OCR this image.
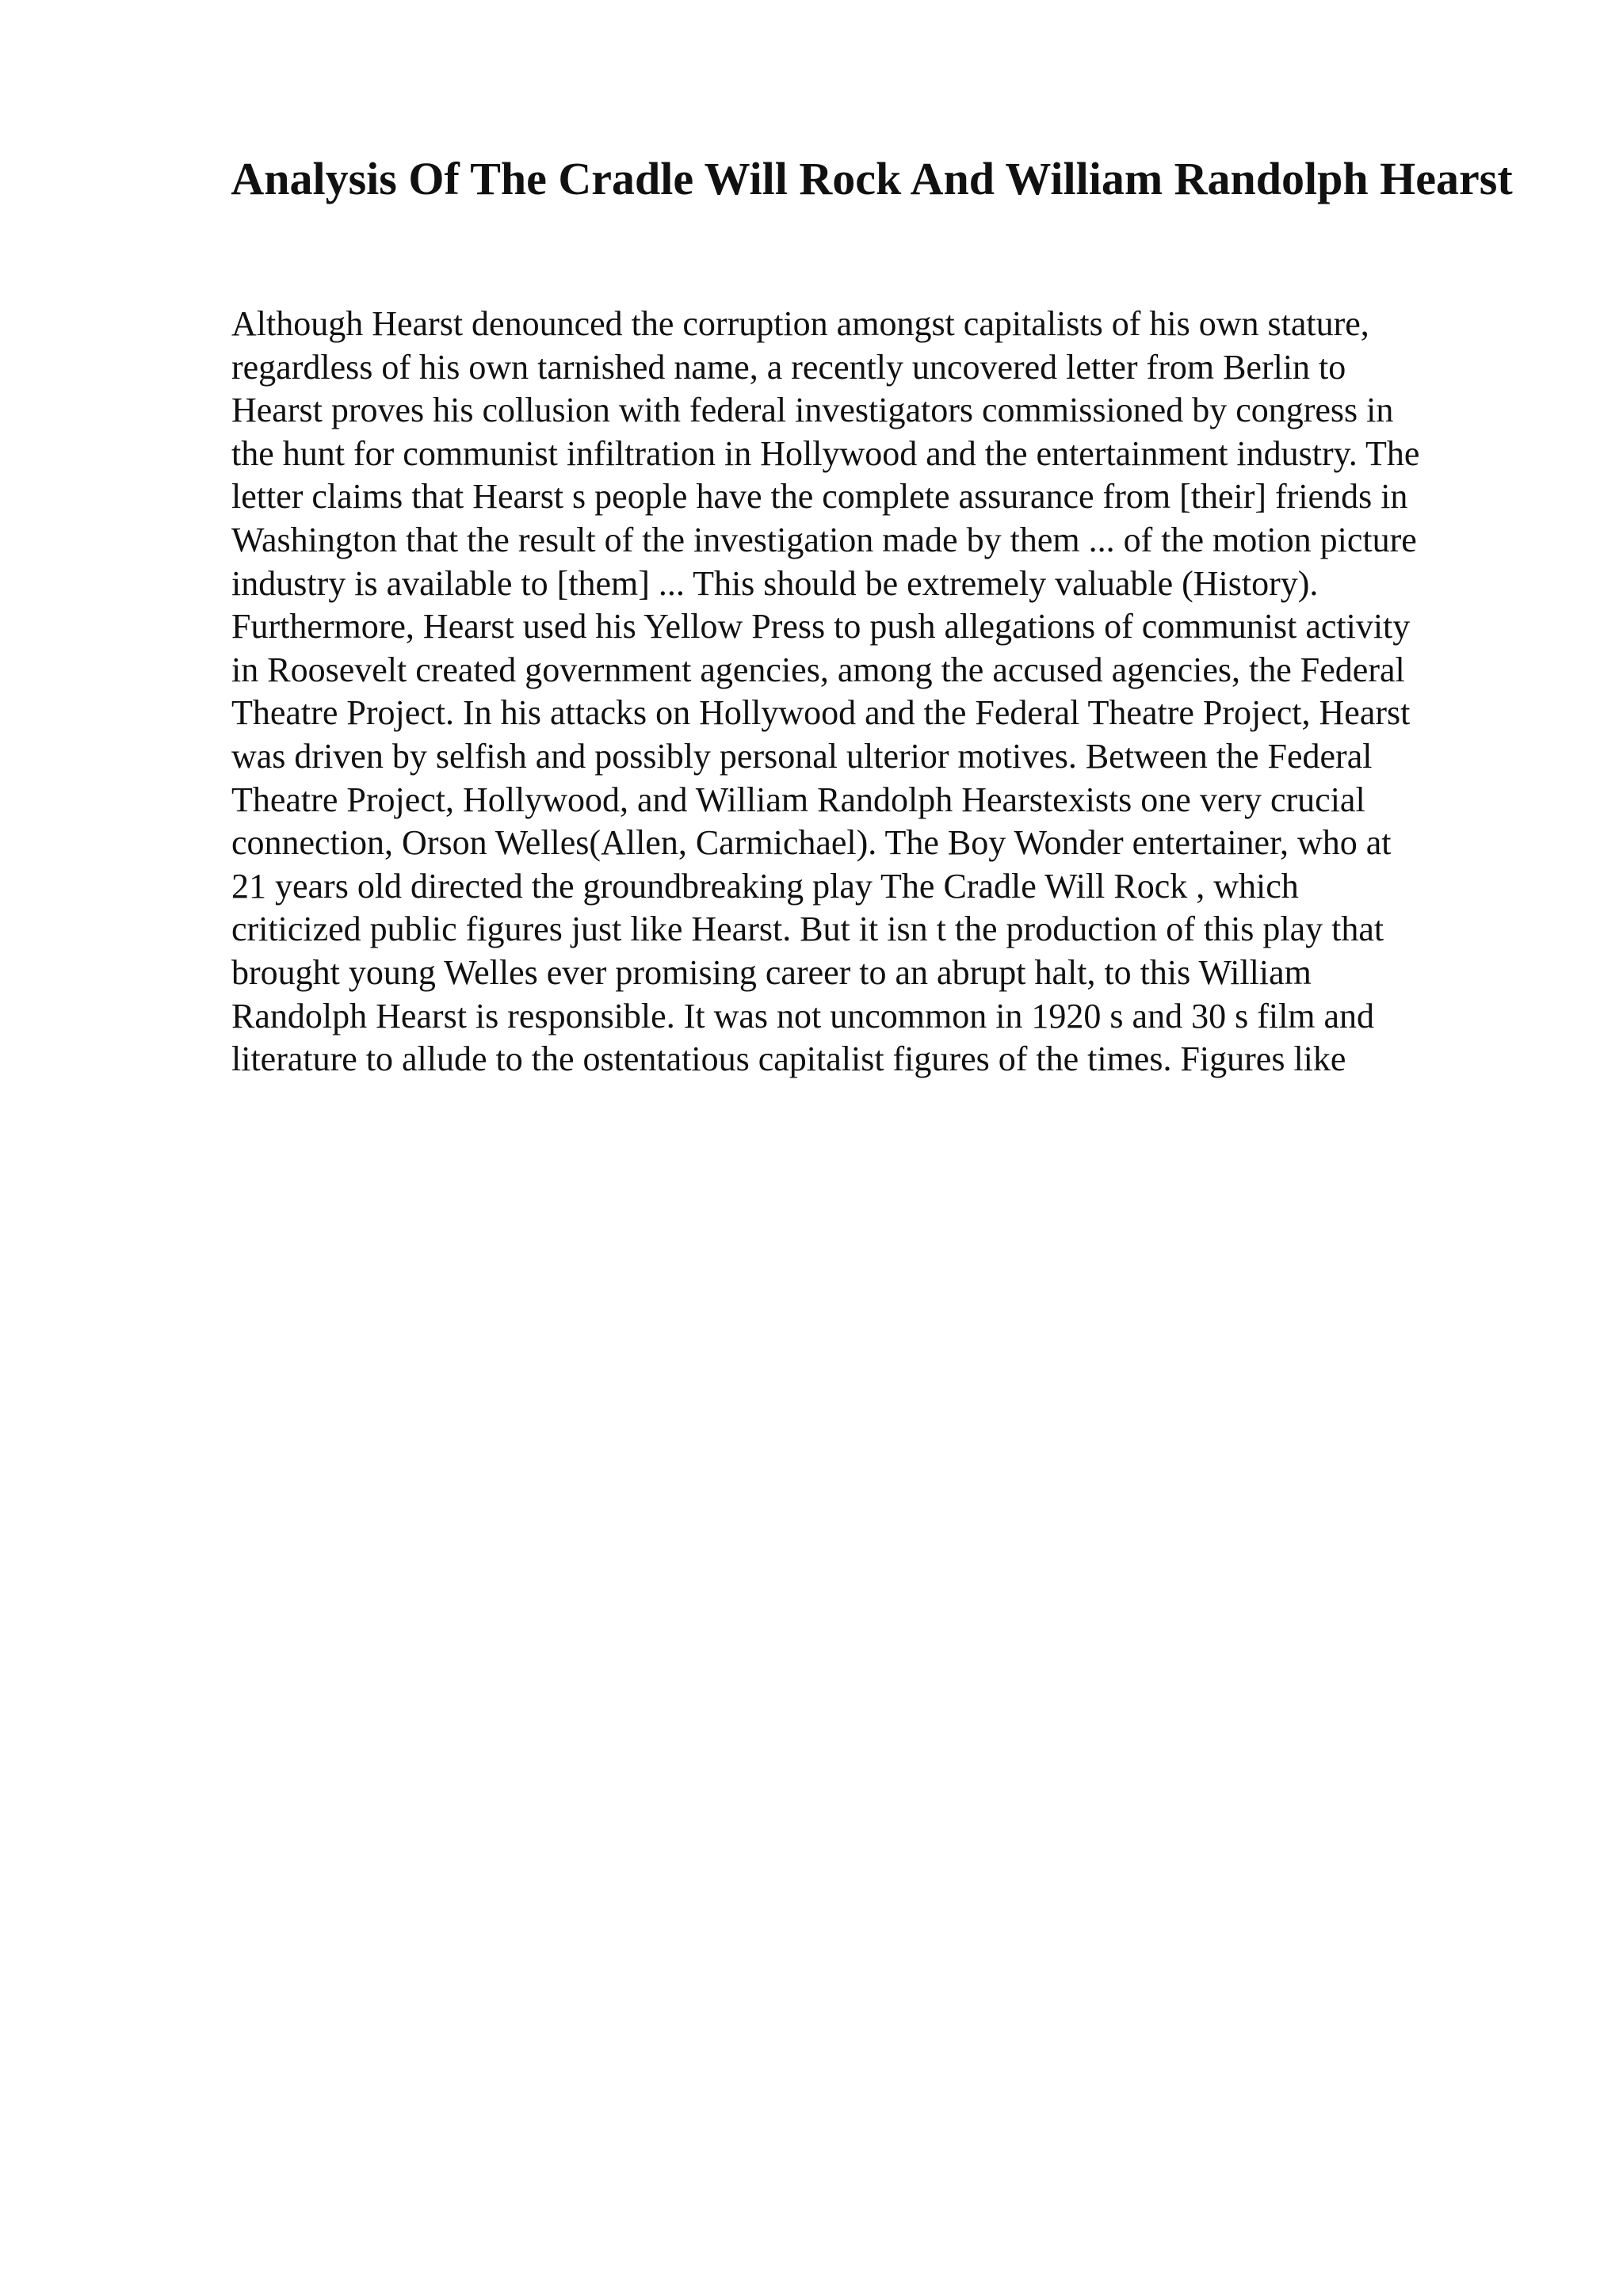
Analysis Of The Cradle Will Rock And William Randolph Hearst
Although Hearst denounced the corruption amongst capitalists of his own stature,
regardless of his own tarnished name, a recently uncovered letter from Berlin to
Hearst proves his collusion with federal investigators commissioned by congress in
the hunt for communist infiltration in Hollywood and the entertainment industry. The
letter claims that Hearst s people have the complete assurance from [their] friends in
Washington that the result of the investigation made by them ... of the motion picture
industry is available to [them] ... This should be extremely valuable (History).
Furthermore, Hearst used his Yellow Press to push allegations of communist activity
in Roosevelt created government agencies, among the accused agencies, the Federal
Theatre Project. In his attacks on Hollywood and the Federal Theatre Project, Hearst
was driven by selfish and possibly personal ulterior motives. Between the Federal
Theatre Project, Hollywood, and William Randolph Hearstexists one very crucial
connection, Orson Welles(Allen, Carmichael). The Boy Wonder entertainer, who at
21 years old directed the groundbreaking play The Cradle Will Rock , which
criticized public figures just like Hearst. But it isn t the production of this play that
brought young Welles ever promising career to an abrupt halt, to this William
Randolph Hearst is responsible. It was not uncommon in 1920 s and 30 s film and
literature to allude to the ostentatious capitalist figures of the times. Figures like
